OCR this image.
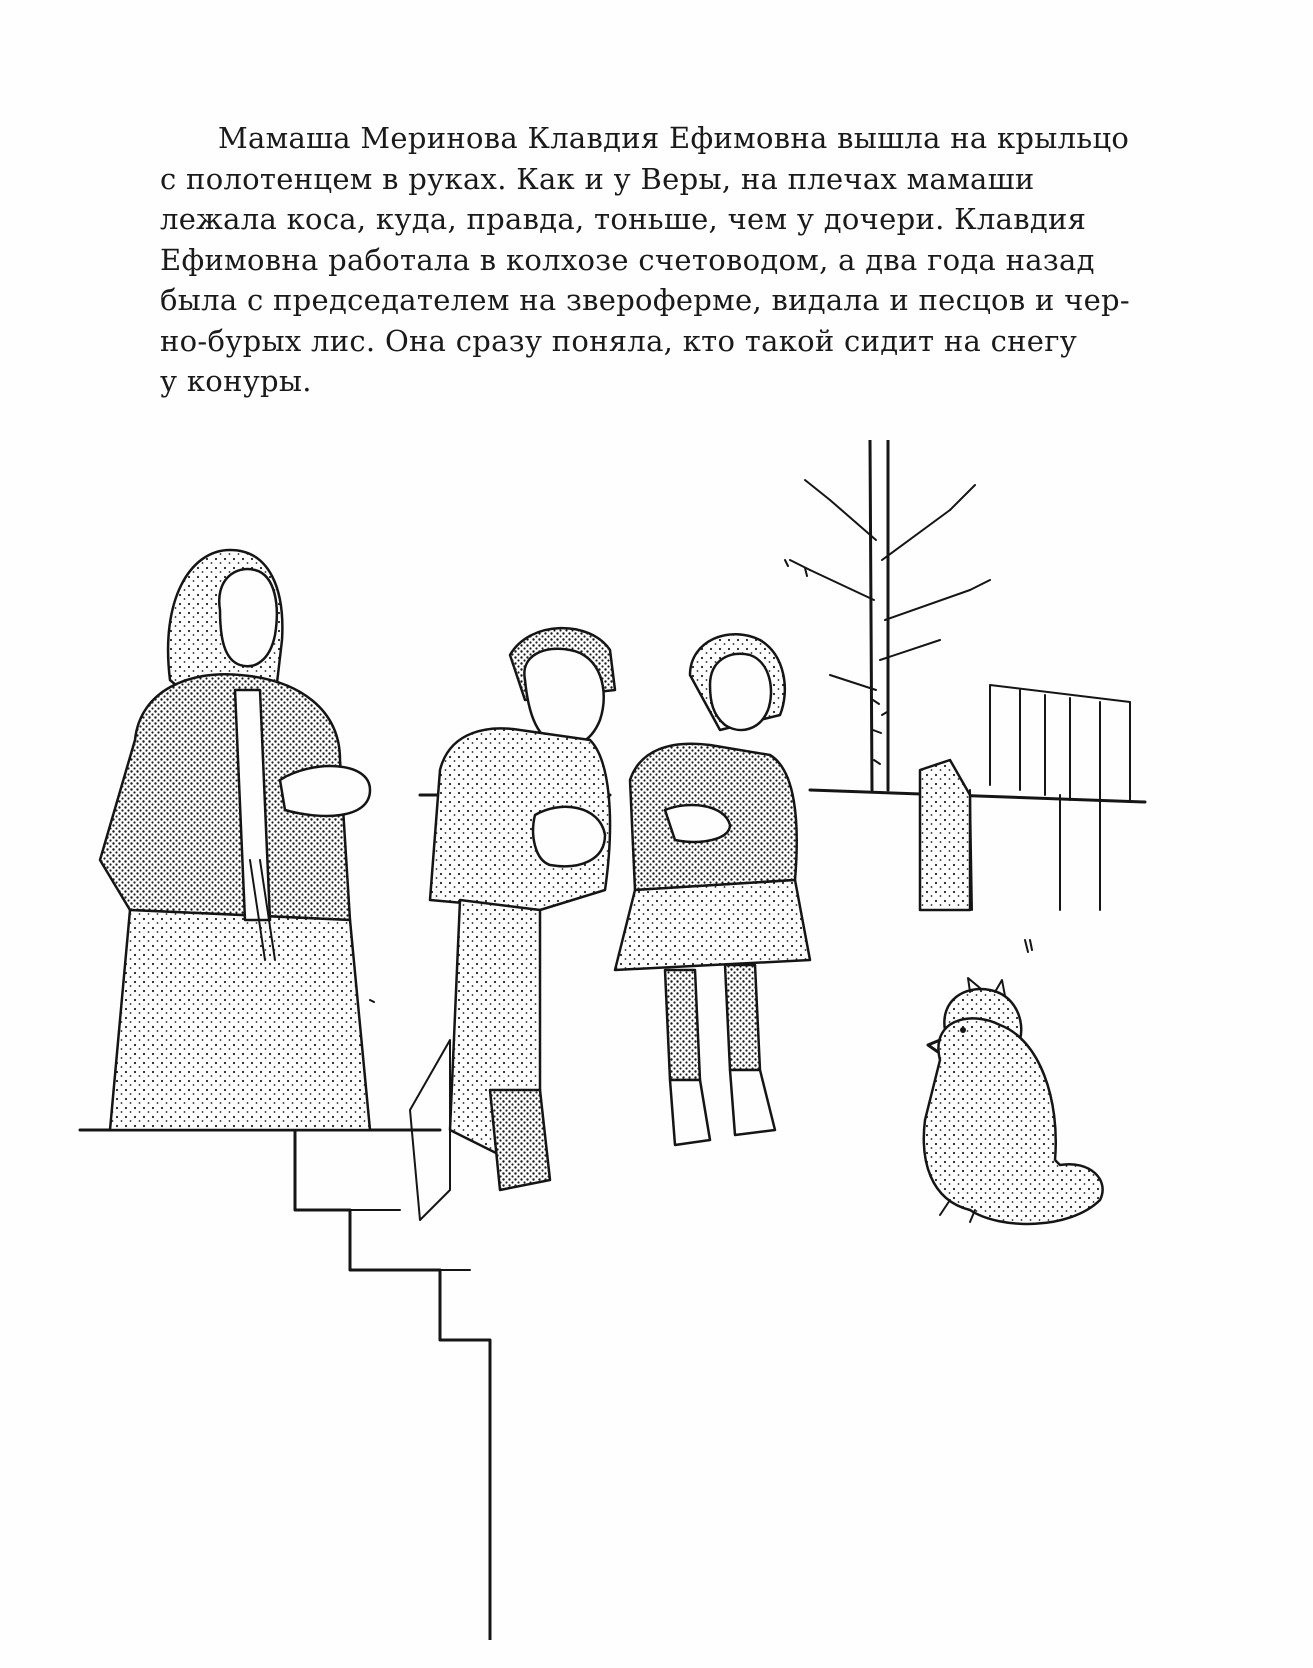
Мамаша Меринова Клавдия Ефимовна вышла на крыльцо
с полотенцем в руках. Как и у Веры, на плечах мамаши
лежала коса, куда, правда, тоньше, чем у дочери. Клавдия
Ефимовна работала в колхозе счетоводом, а два года назад
была с председателем на звероферме, видала и песцов и чер-
но-бурых лис. Она сразу поняла, кто такой сидит на снегу
у конуры.
